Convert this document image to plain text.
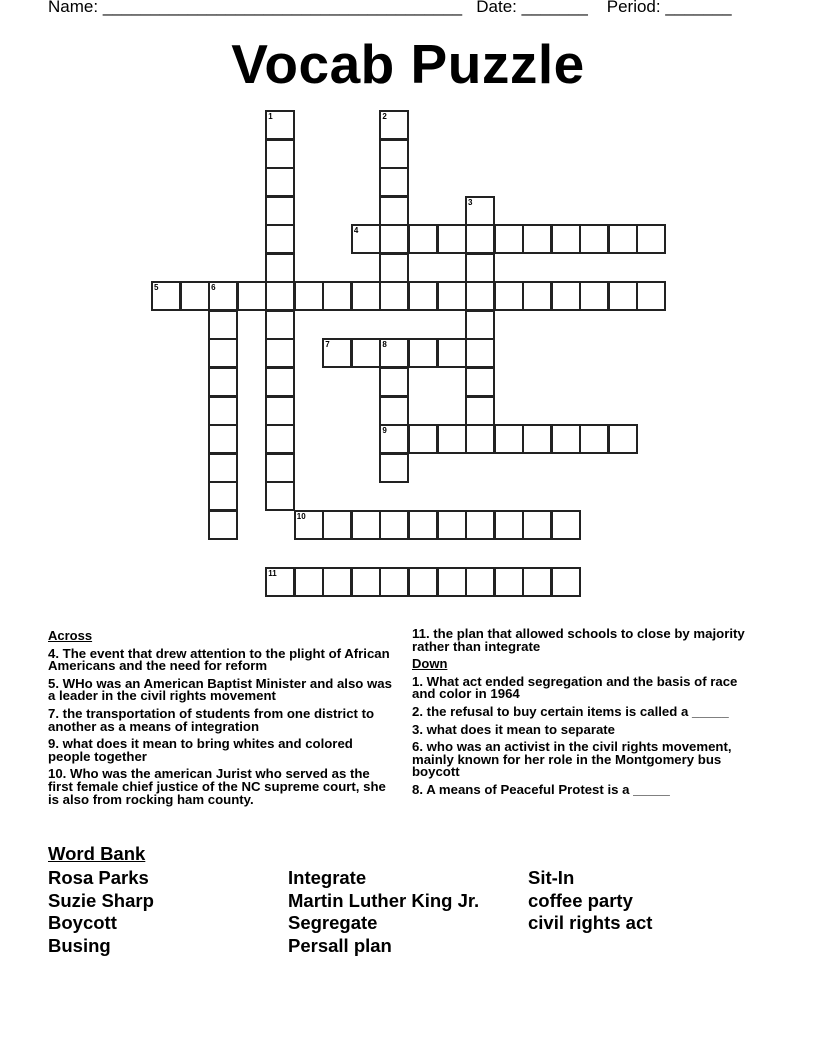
Name: ______________________________________ Date: _______ Period: _______
Vocab Puzzle
1	2
3
4
5	6
7	8
9
10
11
Across
4. The event that drew attention to the plight of African Americans and the need for reform
5. WHo was an American Baptist Minister and also was a leader in the civil rights movement
7. the transportation of students from one district to another as a means of integration
9. what does it mean to bring whites and colored people together
10. Who was the american Jurist who served as the first female chief justice of the NC supreme court, she is also from rocking ham county.
11. the plan that allowed schools to close by majority rather than integrate
Down
1. What act ended segregation and the basis of race and color in 1964
2. the refusal to buy certain items is called a _____
3. what does it mean to separate
6. who was an activist in the civil rights movement, mainly known for her role in the Montgomery bus boycott
8. A means of Peaceful Protest is a _____
Word Bank
Rosa Parks
Suzie Sharp
Boycott
Busing
Integrate
Martin Luther King Jr.
Segregate
Persall plan
Sit-In
coffee party
civil rights act
